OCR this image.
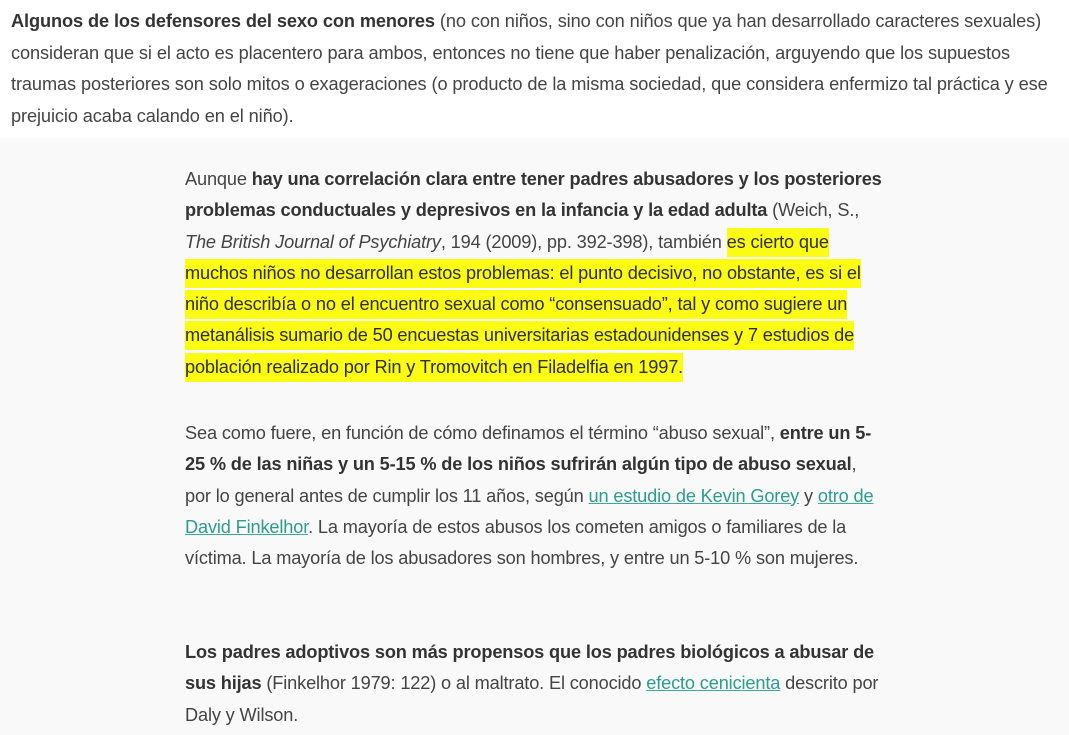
Algunos de los defensores del sexo con menores (no con niños, sino con niños que ya han desarrollado caracteres sexuales) consideran que si el acto es placentero para ambos, entonces no tiene que haber penalización, arguyendo que los supuestos traumas posteriores son solo mitos o exageraciones (o producto de la misma sociedad, que considera enfermizo tal práctica y ese prejuicio acaba calando en el niño).

Aunque hay una correlación clara entre tener padres abusadores y los posteriores problemas conductuales y depresivos en la infancia y la edad adulta (Weich, S., The British Journal of Psychiatry, 194 (2009), pp. 392-398), también es cierto que muchos niños no desarrollan estos problemas: el punto decisivo, no obstante, es si el niño describía o no el encuentro sexual como “consensuado”, tal y como sugiere un metanálisis sumario de 50 encuestas universitarias estadounidenses y 7 estudios de población realizado por Rin y Tromovitch en Filadelfia en 1997.

Sea como fuere, en función de cómo definamos el término “abuso sexual”, entre un 5-25 % de las niñas y un 5-15 % de los niños sufrirán algún tipo de abuso sexual, por lo general antes de cumplir los 11 años, según un estudio de Kevin Gorey y otro de David Finkelhor. La mayoría de estos abusos los cometen amigos o familiares de la víctima. La mayoría de los abusadores son hombres, y entre un 5-10 % son mujeres.

Los padres adoptivos son más propensos que los padres biológicos a abusar de sus hijas (Finkelhor 1979: 122) o al maltrato. El conocido efecto cenicienta descrito por Daly y Wilson.
